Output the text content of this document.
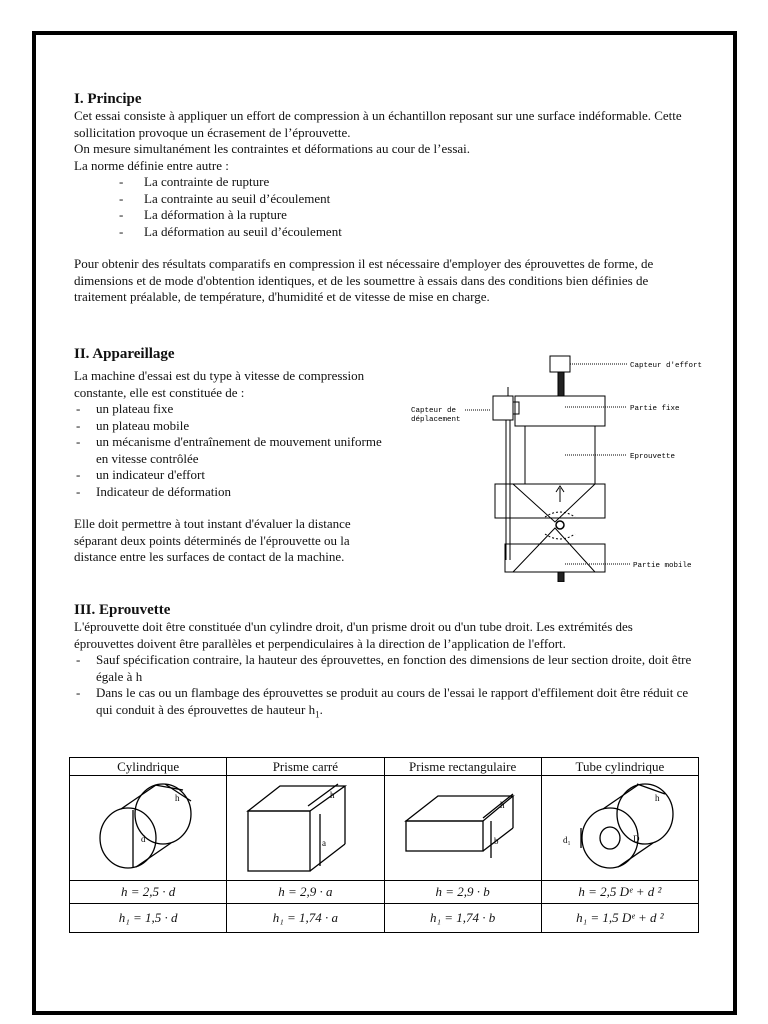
I. Principe

Cet essai consiste à appliquer un effort de compression à un échantillon reposant sur une surface indéformable. Cette sollicitation provoque un écrasement de l’éprouvette.

On mesure simultanément les contraintes et déformations au cour de l’essai.

La norme définie entre autre :

- La contrainte de rupture
- La contrainte au seuil d’écoulement
- La déformation à la rupture
- La déformation au seuil d’écoulement

Pour obtenir des résultats comparatifs en compression il est nécessaire d'employer des éprouvettes de forme, de dimensions et de mode d'obtention identiques, et de les soumettre à essais dans des conditions bien définies de traitement préalable, de température, d'humidité et de vitesse de mise en charge.

II. Appareillage

La machine d'essai est du type à vitesse de compression constante, elle est constituée de :

- un plateau fixe
- un plateau mobile
- un mécanisme d'entraînement de mouvement uniforme en vitesse contrôlée
- un indicateur d'effort
- Indicateur de déformation

Elle doit permettre à tout instant d'évaluer la distance séparant deux points déterminés de l'éprouvette ou la distance entre les surfaces de contact de la machine.

Capteur d'effort
Partie fixe
Eprouvette
Partie mobile
Capteur de
déplacement
III. Eprouvette

L'éprouvette doit être constituée d'un cylindre droit, d'un prisme droit ou d'un tube droit. Les extrémités des éprouvettes doivent être parallèles et perpendiculaires à la direction de l’application de l'effort.

- Sauf spécification contraire, la hauteur des éprouvettes, en fonction des dimensions de leur section droite, doit être égale à h
- Dans le cas ou un flambage des éprouvettes se produit au cours de l'essai le rapport d'effilement doit être réduit ce qui conduit à des éprouvettes de hauteur $h_1$.
Cylindrique	Prisme carré	Prisme rectangulaire	Tube cylindrique

d
h	a
h	b
h	d₁
h
D

h = 2,5 · d	h = 2,9 · a	h = 2,9 · b	h = 2,5 Dᵉ + d ²
h₁ = 1,5 · d	h₁ = 1,74 · a	h₁ = 1,74 · b	h₁ = 1,5 Dᵉ + d ²
